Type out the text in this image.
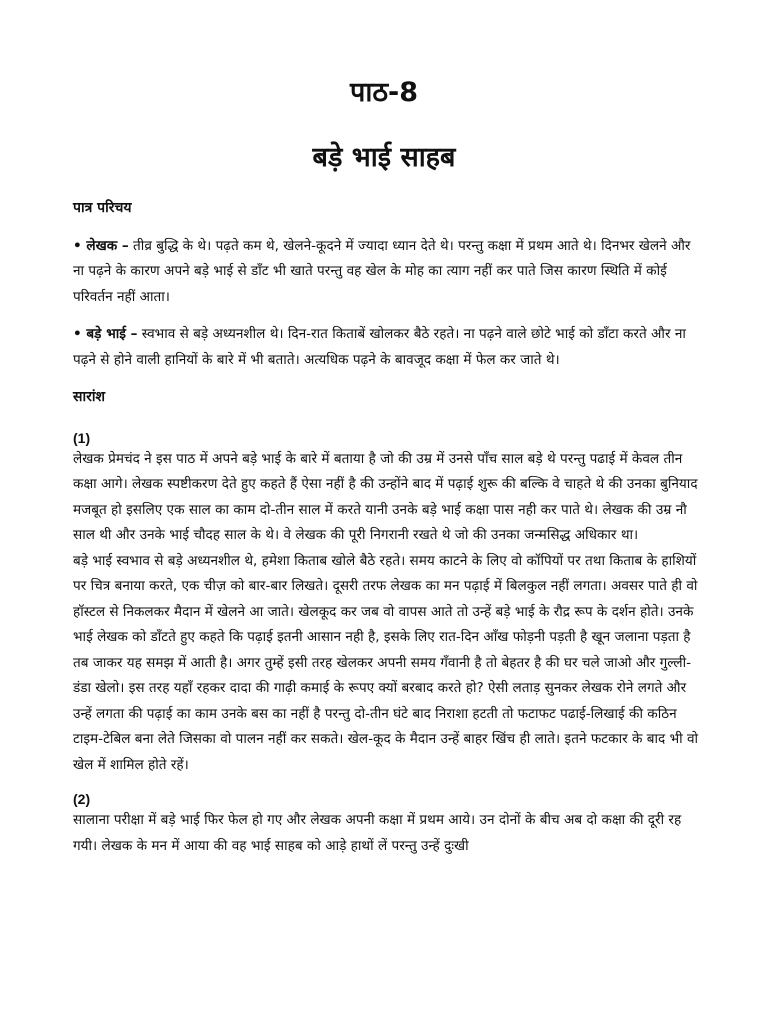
पाठ-8
बड़े भाई साहब

पात्र परिचय

• लेखक – तीव्र बुद्धि के थे। पढ़ते कम थे, खेलने-कूदने में ज्यादा ध्यान देते थे। परन्तु कक्षा में प्रथम आते थे। दिनभर खेलने और ना पढ़ने के कारण अपने बड़े भाई से डाँट भी खाते परन्तु वह खेल के मोह का त्याग नहीं कर पाते जिस कारण स्थिति में कोई परिवर्तन नहीं आता।

• बड़े भाई – स्वभाव से बड़े अध्यनशील थे। दिन-रात किताबें खोलकर बैठे रहते। ना पढ़ने वाले छोटे भाई को डाँटा करते और ना पढ़ने से होने वाली हानियों के बारे में भी बताते। अत्यधिक पढ़ने के बावजूद कक्षा में फेल कर जाते थे।

सारांश

(1)

लेखक प्रेमचंद ने इस पाठ में अपने बड़े भाई के बारे में बताया है जो की उम्र में उनसे पाँच साल बड़े थे परन्तु पढाई में केवल तीन कक्षा आगे। लेखक स्पष्टीकरण देते हुए कहते हैं ऐसा नहीं है की उन्होंने बाद में पढ़ाई शुरू की बल्कि वे चाहते थे की उनका बुनियाद मजबूत हो इसलिए एक साल का काम दो-तीन साल में करते यानी उनके बड़े भाई कक्षा पास नही कर पाते थे। लेखक की उम्र नौ साल थी और उनके भाई चौदह साल के थे। वे लेखक की पूरी निगरानी रखते थे जो की उनका जन्मसिद्ध अधिकार था।

बड़े भाई स्वभाव से बड़े अध्यनशील थे, हमेशा किताब खोले बैठे रहते। समय काटने के लिए वो कॉपियों पर तथा किताब के हाशियों पर चित्र बनाया करते, एक चीज़ को बार-बार लिखते। दूसरी तरफ लेखक का मन पढ़ाई में बिलकुल नहीं लगता। अवसर पाते ही वो हॉस्टल से निकलकर मैदान में खेलने आ जाते। खेलकूद कर जब वो वापस आते तो उन्हें बड़े भाई के रौद्र रूप के दर्शन होते। उनके भाई लेखक को डाँटते हुए कहते कि पढ़ाई इतनी आसान नही है, इसके लिए रात-दिन आँख फोड़नी पड़ती है खून जलाना पड़ता है तब जाकर यह समझ में आती है। अगर तुम्हें इसी तरह खेलकर अपनी समय गँवानी है तो बेहतर है की घर चले जाओ और गुल्ली-डंडा खेलो। इस तरह यहाँ रहकर दादा की गाढ़ी कमाई के रूपए क्यों बरबाद करते हो? ऐसी लताड़ सुनकर लेखक रोने लगते और उन्हें लगता की पढ़ाई का काम उनके बस का नहीं है परन्तु दो-तीन घंटे बाद निराशा हटती तो फटाफट पढाई-लिखाई की कठिन टाइम-टेबिल बना लेते जिसका वो पालन नहीं कर सकते। खेल-कूद के मैदान उन्हें बाहर खिंच ही लाते। इतने फटकार के बाद भी वो खेल में शामिल होते रहें।

(2)

सालाना परीक्षा में बड़े भाई फिर फेल हो गए और लेखक अपनी कक्षा में प्रथम आये। उन दोनों के बीच अब दो कक्षा की दूरी रह गयी। लेखक के मन में आया की वह भाई साहब को आड़े हाथों लें परन्तु उन्हें दुःखी
